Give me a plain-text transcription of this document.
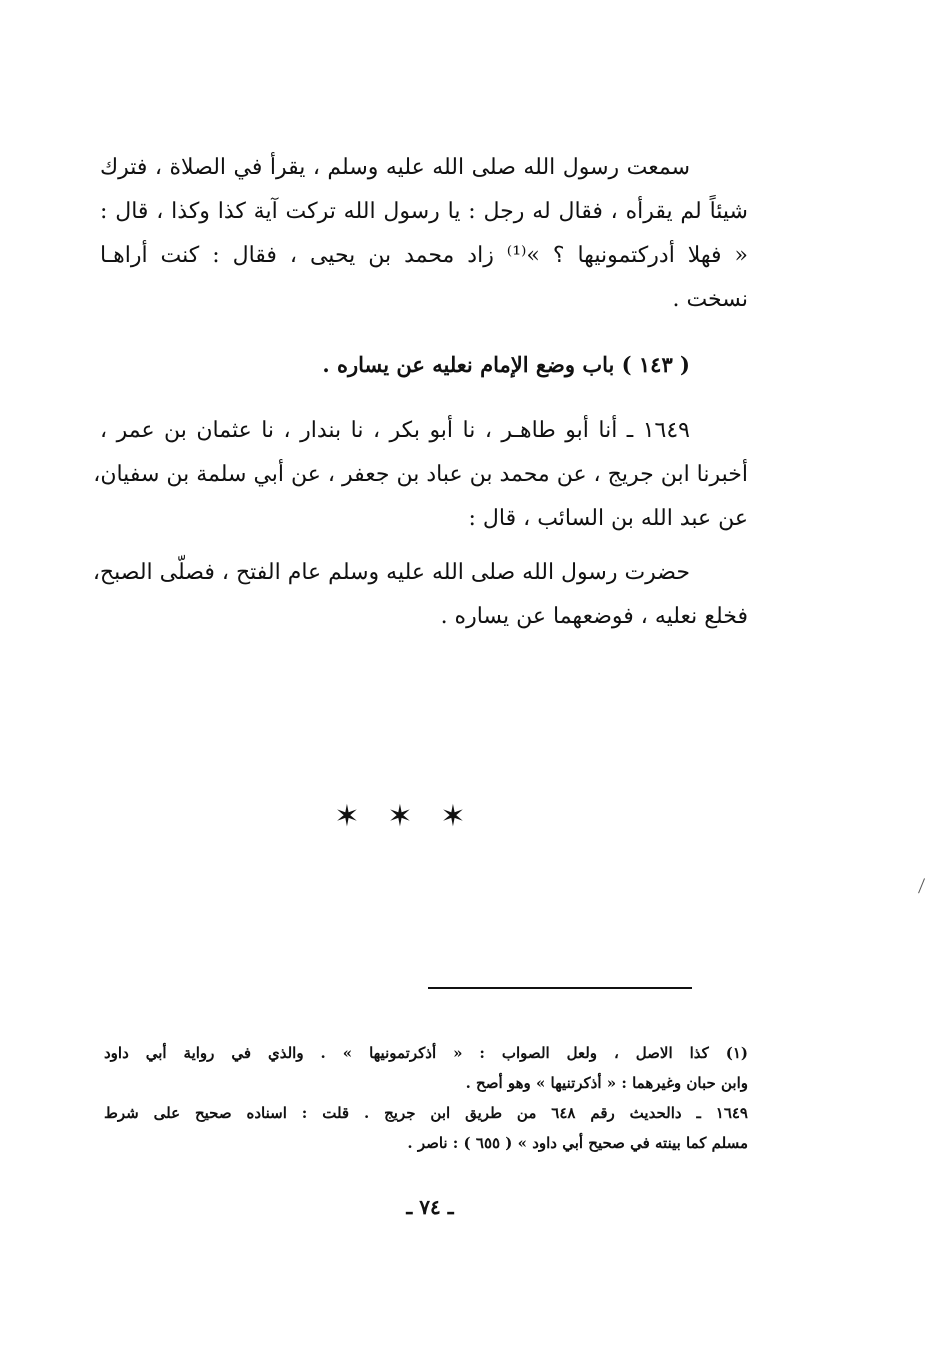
سمعت رسول الله صلى الله عليه وسلم ، يقرأ في الصلاة ، فترك
شيئاً لم يقرأه ، فقال له رجل : يا رسول الله تركت آية كذا وكذا ، قال :
« فهلا أدركتمونيها ؟ »⁽¹⁾ زاد محمد بن يحيى ، فقال : كنت أراهـا
نسخت .
( ١٤٣ ) باب وضع الإمام نعليه عن يساره .
١٦٤٩ ـ أنا أبو طاهـر ، نا أبو بكر ، نا بندار ، نا عثمان بن عمر ،
أخبرنا ابن جريج ، عن محمد بن عباد بن جعفر ، عن أبي سلمة بن سفيان،
عن عبد الله بن السائب ، قال :
حضرت رسول الله صلى الله عليه وسلم عام الفتح ، فصلّى الصبح،
فخلع نعليه ، فوضعهما عن يساره .
✶ ✶ ✶
(١) كذا الاصل ، ولعل الصواب : « أذكرتمونيها » . والذي في رواية أبي داود
وابن حبان وغيرهما : « أذكرتنيها » وهو أصح .
١٦٤٩ ـ دالحديث رقم ٦٤٨ من طريق ابن جريج . قلت : اسناده صحيح على شرط
مسلم كما بينته في صحيح أبي داود » ( ٦٥٥ ) : ناصر .
ـ ٧٤ ـ
